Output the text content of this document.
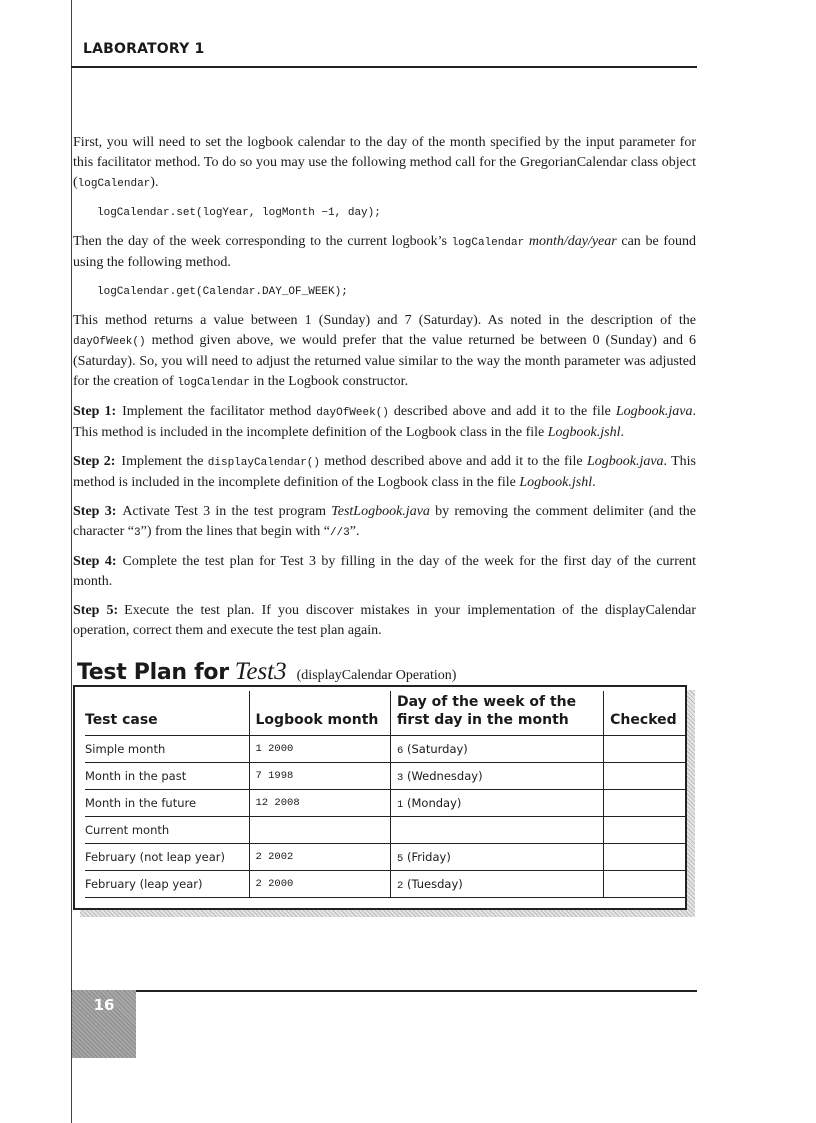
LABORATORY 1

First, you will need to set the logbook calendar to the day of the month specified by the input parameter for this facilitator method. To do so you may use the following method call for the GregorianCalendar class object (logCalendar).

logCalendar.set(logYear, logMonth −1, day);

Then the day of the week corresponding to the current logbook’s logCalendar month/day/year can be found using the following method.

logCalendar.get(Calendar.DAY_OF_WEEK);

This method returns a value between 1 (Sunday) and 7 (Saturday). As noted in the description of the dayOfWeek() method given above, we would prefer that the value returned be between 0 (Sunday) and 6 (Saturday). So, you will need to adjust the returned value similar to the way the month parameter was adjusted for the creation of logCalendar in the Logbook constructor.

Step 1: Implement the facilitator method dayOfWeek() described above and add it to the file Logbook.java. This method is included in the incomplete definition of the Logbook class in the file Logbook.jshl.

Step 2: Implement the displayCalendar() method described above and add it to the file Logbook.java. This method is included in the incomplete definition of the Logbook class in the file Logbook.jshl.

Step 3: Activate Test 3 in the test program TestLogbook.java by removing the comment delimiter (and the character “3”) from the lines that begin with “//3”.

Step 4: Complete the test plan for Test 3 by filling in the day of the week for the first day of the current month.

Step 5: Execute the test plan. If you discover mistakes in your implementation of the displayCalendar operation, correct them and execute the test plan again.

Test Plan for Test3 (displayCalendar Operation)
Test case	Logbook month	Day of the week of the first day in the month	Checked
Simple month	1 2000	6 (Saturday)	
Month in the past	7 1998	3 (Wednesday)	
Month in the future	12 2008	1 (Monday)	
Current month			
February (not leap year)	2 2002	5 (Friday)	
February (leap year)	2 2000	2 (Tuesday)	
16
